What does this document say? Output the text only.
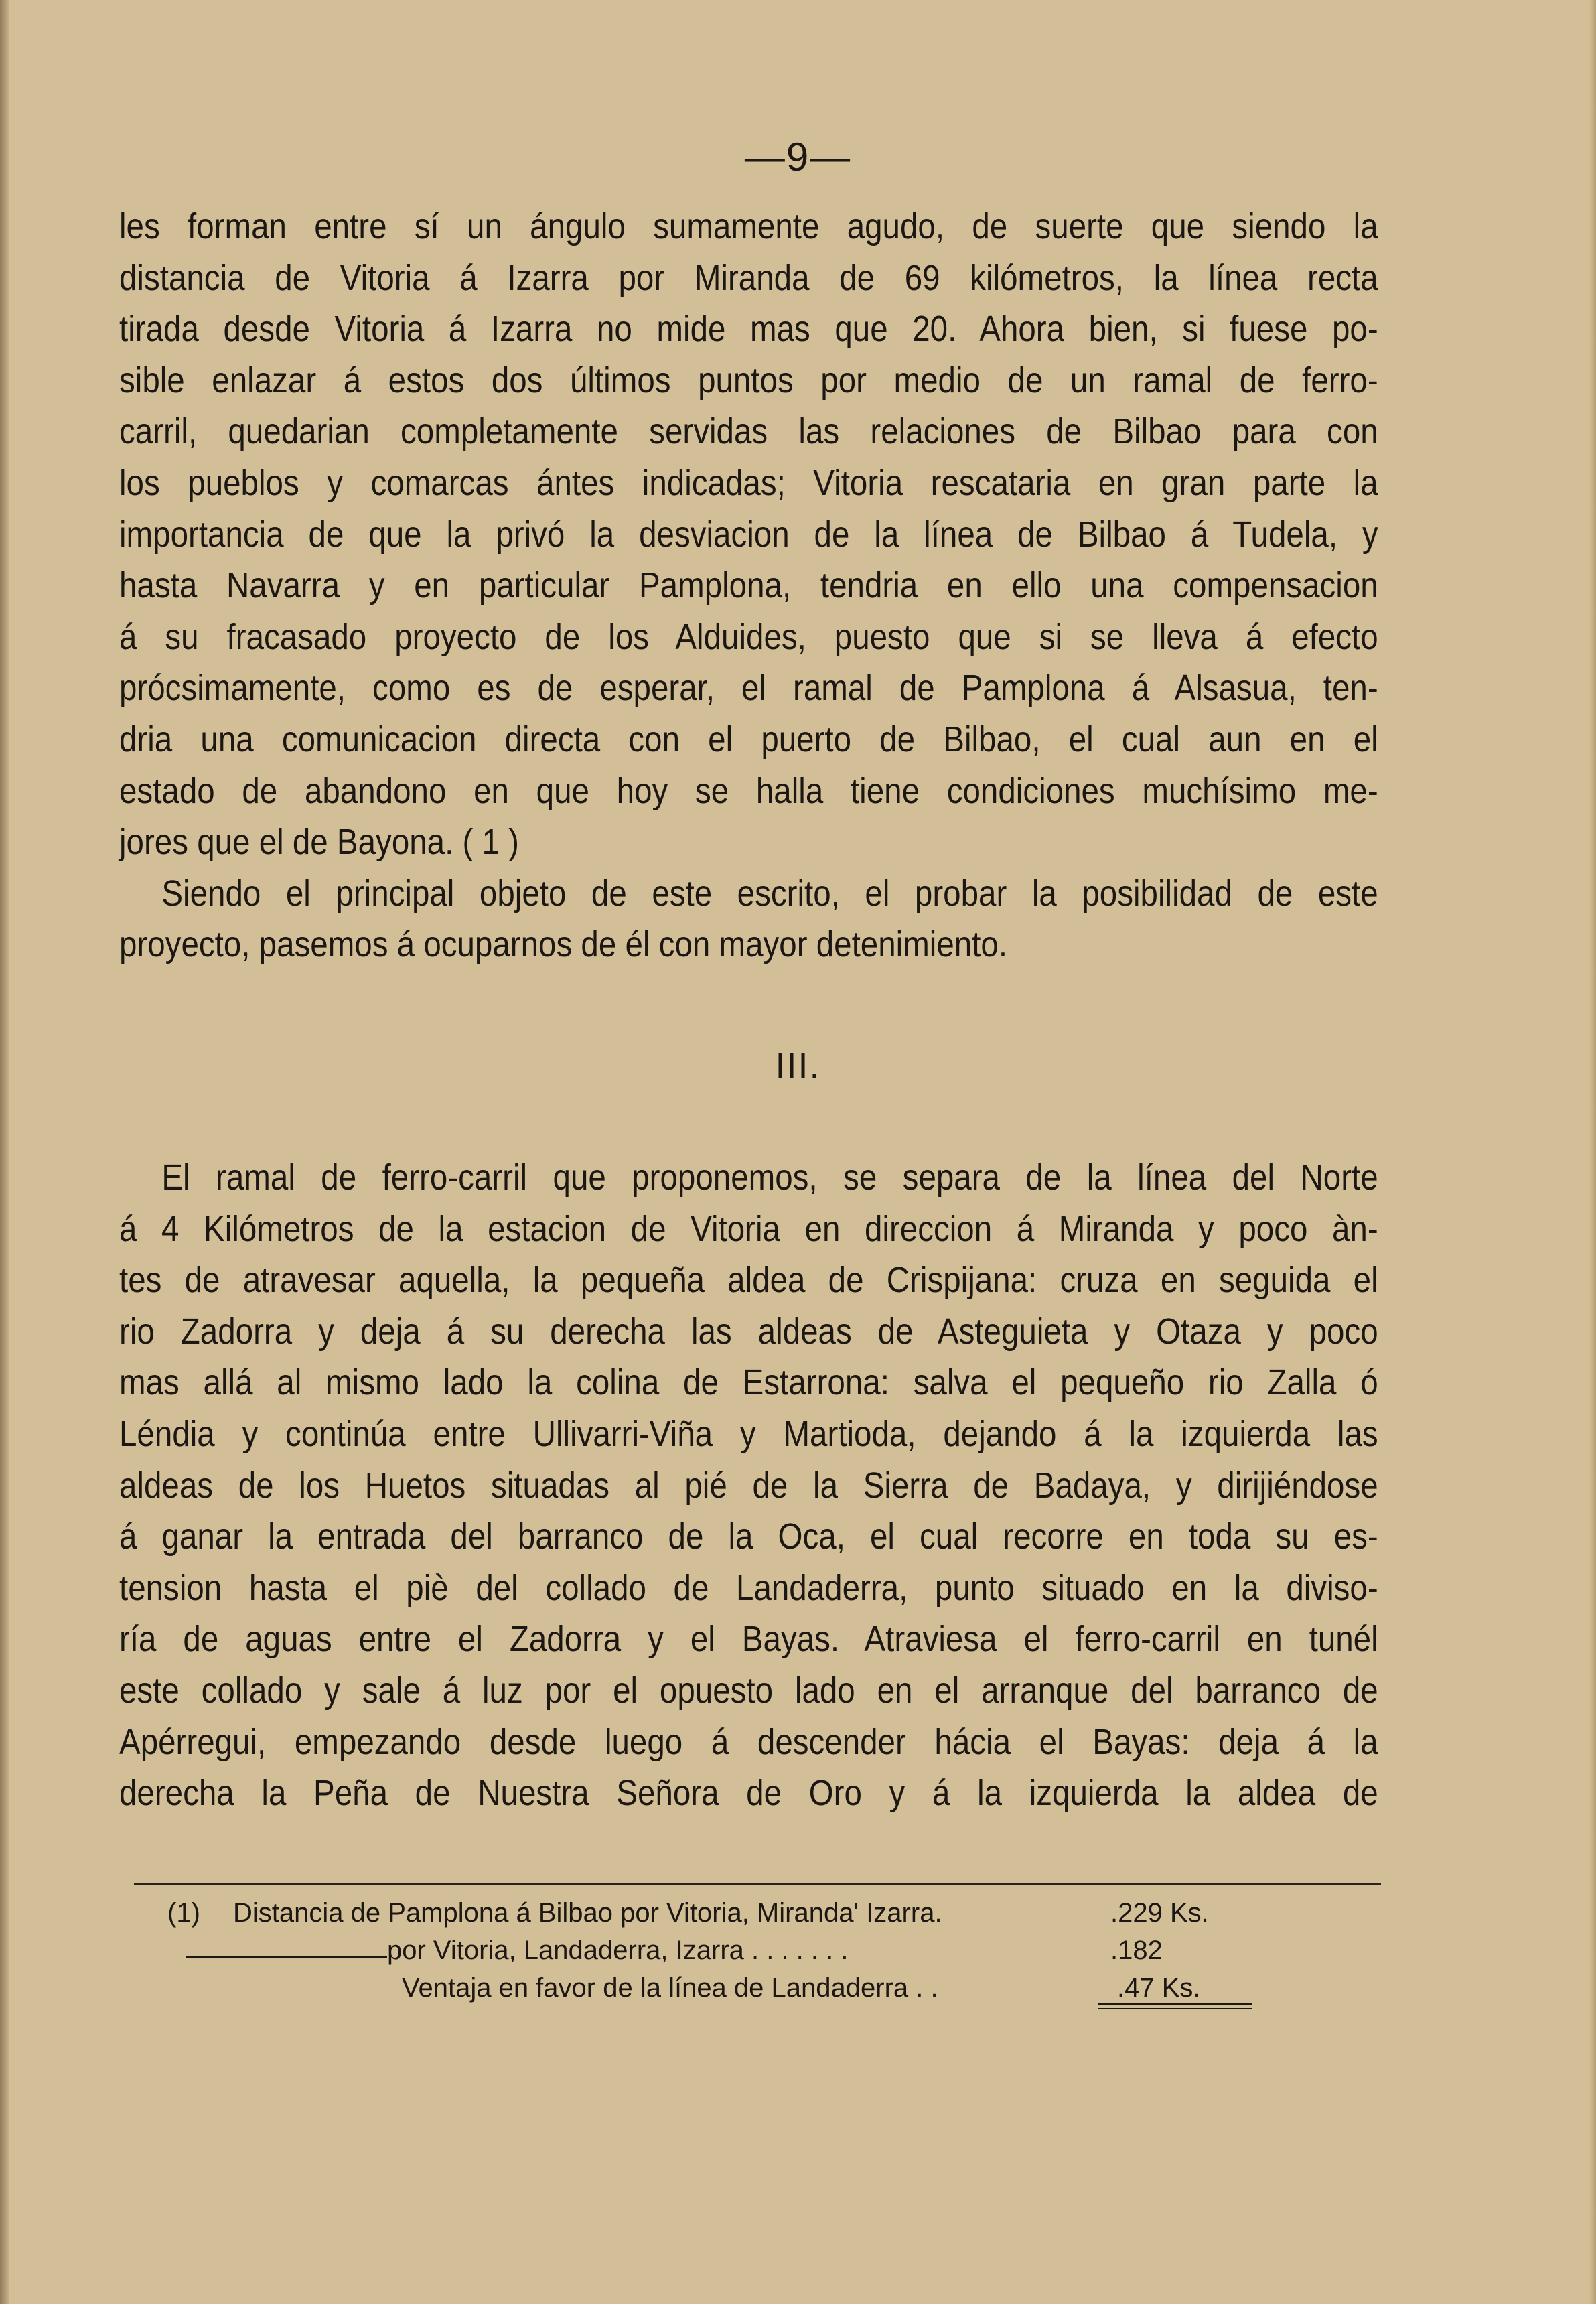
—9—
les forman entre sí un ángulo sumamente agudo, de suerte que siendo la
distancia de Vitoria á Izarra por Miranda de 69 kilómetros, la línea recta
tirada desde Vitoria á Izarra no mide mas que 20. Ahora bien, si fuese po-
sible enlazar á estos dos últimos puntos por medio de un ramal de ferro-
carril, quedarian completamente servidas las relaciones de Bilbao para con
los pueblos y comarcas ántes indicadas; Vitoria rescataria en gran parte la
importancia de que la privó la desviacion de la línea de Bilbao á Tudela, y
hasta Navarra y en particular Pamplona, tendria en ello una compensacion
á su fracasado proyecto de los Alduides, puesto que si se lleva á efecto
prócsimamente, como es de esperar, el ramal de Pamplona á Alsasua, ten-
dria una comunicacion directa con el puerto de Bilbao, el cual aun en el
estado de abandono en que hoy se halla tiene condiciones muchísimo me-
jores que el de Bayona. ( 1 )
Siendo el principal objeto de este escrito, el probar la posibilidad de este
proyecto, pasemos á ocuparnos de él con mayor detenimiento.
III.
El ramal de ferro-carril que proponemos, se separa de la línea del Norte
á 4 Kilómetros de la estacion de Vitoria en direccion á Miranda y poco àn-
tes de atravesar aquella, la pequeña aldea de Crispijana: cruza en seguida el
rio Zadorra y deja á su derecha las aldeas de Asteguieta y Otaza y poco
mas allá al mismo lado la colina de Estarrona: salva el pequeño rio Zalla ó
Léndia y continúa entre Ullivarri-Viña y Martioda, dejando á la izquierda las
aldeas de los Huetos situadas al pié de la Sierra de Badaya, y dirijiéndose
á ganar la entrada del barranco de la Oca, el cual recorre en toda su es-
tension hasta el piè del collado de Landaderra, punto situado en la diviso-
ría de aguas entre el Zadorra y el Bayas. Atraviesa el ferro-carril en tunél
este collado y sale á luz por el opuesto lado en el arranque del barranco de
Apérregui, empezando desde luego á descender hácia el Bayas: deja á la
derecha la Peña de Nuestra Señora de Oro y á la izquierda la aldea de
(1) Distancia de Pamplona á Bilbao por Vitoria, Miranda' Izarra.	.229 Ks.
por Vitoria, Landaderra, Izarra . . . . . . .	.182
Ventaja en favor de la línea de Landaderra . .	.47 Ks.
